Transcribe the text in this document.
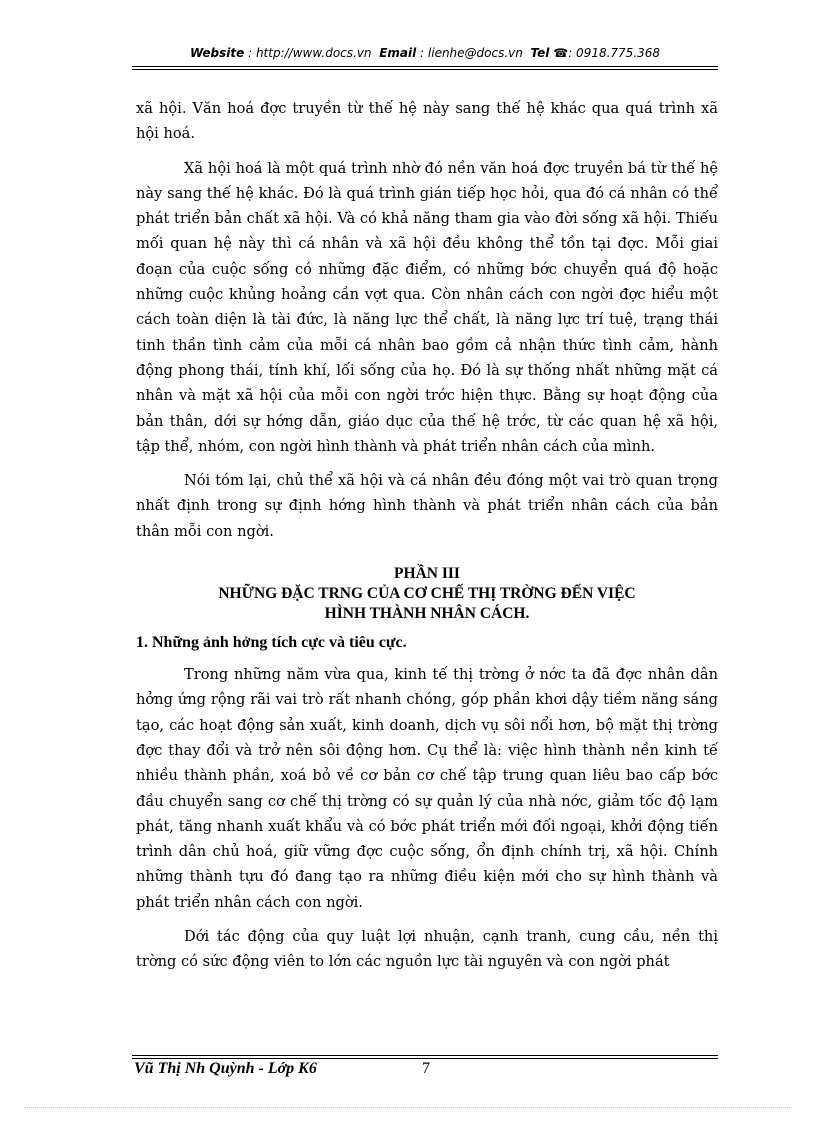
Website : http://www.docs.vn Email : lienhe@docs.vn Tel ☎: 0918.775.368

xã hội. Văn hoá đợc truyền từ thế hệ này sang thế hệ khác qua quá trình xã hội hoá.

Xã hội hoá là một quá trình nhờ đó nền văn hoá đợc truyền bá từ thế hệ này sang thế hệ khác. Đó là quá trình gián tiếp học hỏi, qua đó cá nhân có thể phát triển bản chất xã hội. Và có khả năng tham gia vào đời sống xã hội. Thiếu mối quan hệ này thì cá nhân và xã hội đều không thể tồn tại đợc. Mỗi giai đoạn của cuộc sống có những đặc điểm, có những bớc chuyển quá độ hoặc những cuộc khủng hoảng cần vợt qua. Còn nhân cách con ngời đợc hiểu một cách toàn diện là tài đức, là năng lực thể chất, là năng lực trí tuệ, trạng thái tinh thần tình cảm của mỗi cá nhân bao gồm cả nhận thức tình cảm, hành động phong thái, tính khí, lối sống của họ. Đó là sự thống nhất những mặt cá nhân và mặt xã hội của mỗi con ngời trớc hiện thực. Bằng sự hoạt động của bản thân, dới sự hớng dẫn, giáo dục của thế hệ trớc, từ các quan hệ xã hội, tập thể, nhóm, con ngời hình thành và phát triển nhân cách của mình.

Nói tóm lại, chủ thể xã hội và cá nhân đều đóng một vai trò quan trọng nhất định trong sự định hớng hình thành và phát triển nhân cách của bản thân mỗi con ngời.

PHẦN III
NHỮNG ĐẶC TRNG CỦA CƠ CHẾ THỊ TRỜNG ĐẾN VIỆC
HÌNH THÀNH NHÂN CÁCH.
1. Những ảnh hởng tích cực và tiêu cực.

Trong những năm vừa qua, kinh tế thị trờng ở nớc ta đã đợc nhân dân hởng ứng rộng rãi vai trò rất nhanh chóng, góp phần khơi dậy tiềm năng sáng tạo, các hoạt động sản xuất, kinh doanh, dịch vụ sôi nổi hơn, bộ mặt thị trờng đợc thay đổi và trở nên sôi động hơn. Cụ thể là: việc hình thành nền kinh tế nhiều thành phần, xoá bỏ về cơ bản cơ chế tập trung quan liêu bao cấp bớc đầu chuyển sang cơ chế thị trờng có sự quản lý của nhà nớc, giảm tốc độ lạm phát, tăng nhanh xuất khẩu và có bớc phát triển mới đối ngoại, khởi động tiến trình dân chủ hoá, giữ vững đợc cuộc sống, ổn định chính trị, xã hội. Chính những thành tựu đó đang tạo ra những điều kiện mới cho sự hình thành và phát triển nhân cách con ngời.

Dới tác động của quy luật lợi nhuận, cạnh tranh, cung cầu, nền thị trờng có sức động viên to lớn các nguồn lực tài nguyên và con ngời phát

Vũ Thị Nh Quỳnh - Lớp K6	7
